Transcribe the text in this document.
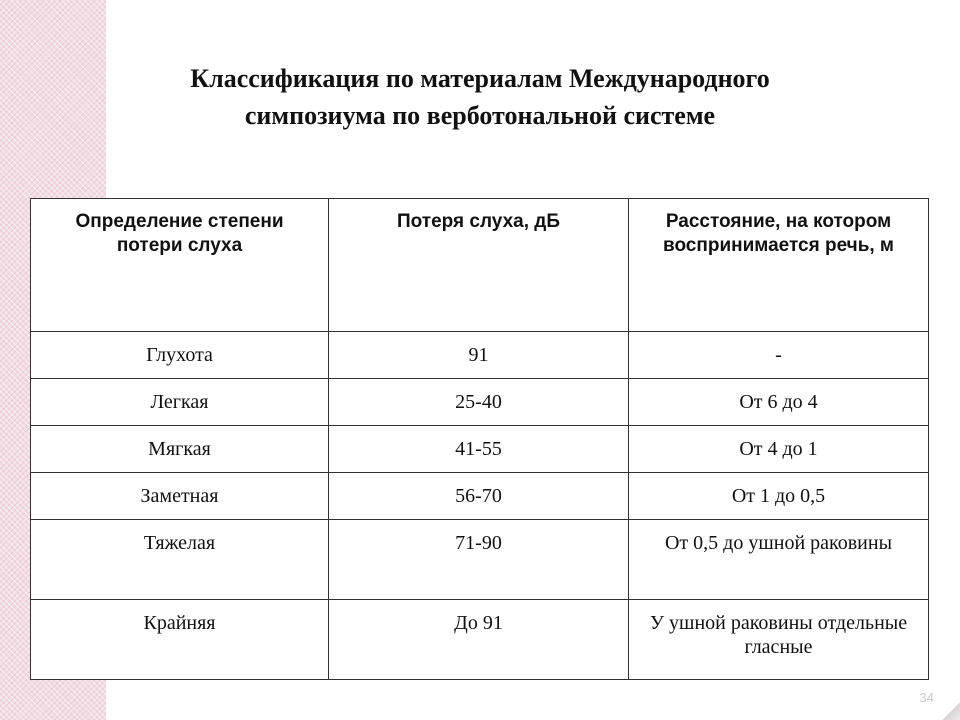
Классификация по материалам Международного
симпозиума по верботональной системе
Определение степени потери слуха	Потеря слуха, дБ	Расстояние, на котором воспринимается речь, м
Глухота	91	-
Легкая	25-40	От 6 до 4
Мягкая	41-55	От 4 до 1
Заметная	56-70	От 1 до 0,5
Тяжелая	71-90	От 0,5 до ушной раковины
Крайняя	До 91	У ушной раковины отдельные гласные
34
